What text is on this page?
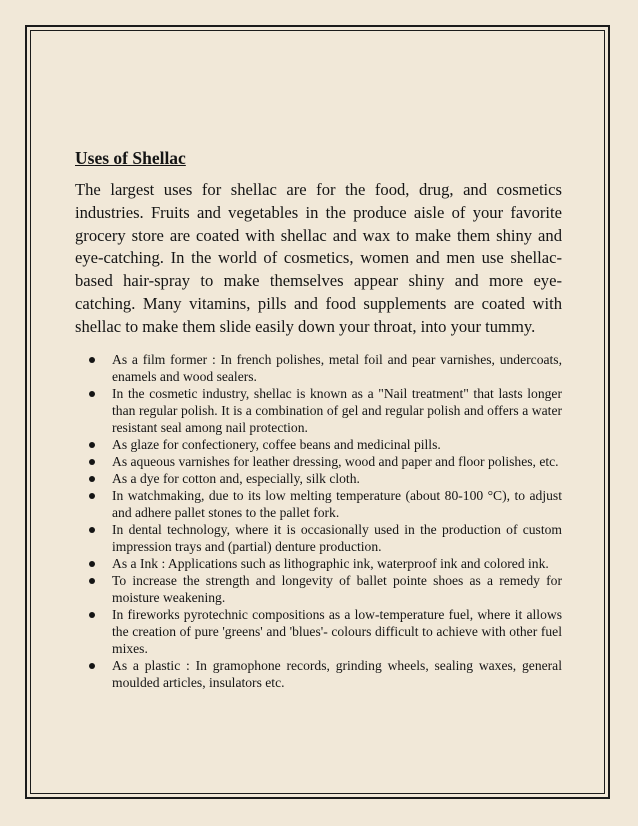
Uses of Shellac

The largest uses for shellac are for the food, drug, and cosmetics industries. Fruits and vegetables in the produce aisle of your favorite grocery store are coated with shellac and wax to make them shiny and eye-catching. In the world of cosmetics, women and men use shellac-based hair-spray to make themselves appear shiny and more eye-catching. Many vitamins, pills and food supplements are coated with shellac to make them slide easily down your throat, into your tummy.

As a film former : In french polishes, metal foil and pear varnishes, undercoats, enamels and wood sealers.
In the cosmetic industry, shellac is known as a "Nail treatment" that lasts longer than regular polish. It is a combination of gel and regular polish and offers a water resistant seal among nail protection.
As glaze for confectionery, coffee beans and medicinal pills.
As aqueous varnishes for leather dressing, wood and paper and floor polishes, etc.
As a dye for cotton and, especially, silk cloth.
In watchmaking, due to its low melting temperature (about 80-100 °C), to adjust and adhere pallet stones to the pallet fork.
In dental technology, where it is occasionally used in the production of custom impression trays and (partial) denture production.
As a Ink : Applications such as lithographic ink, waterproof ink and colored ink.
To increase the strength and longevity of ballet pointe shoes as a remedy for moisture weakening.
In fireworks pyrotechnic compositions as a low-temperature fuel, where it allows the creation of pure 'greens' and 'blues'- colours difficult to achieve with other fuel mixes.
As a plastic : In gramophone records, grinding wheels, sealing waxes, general moulded articles, insulators etc.
